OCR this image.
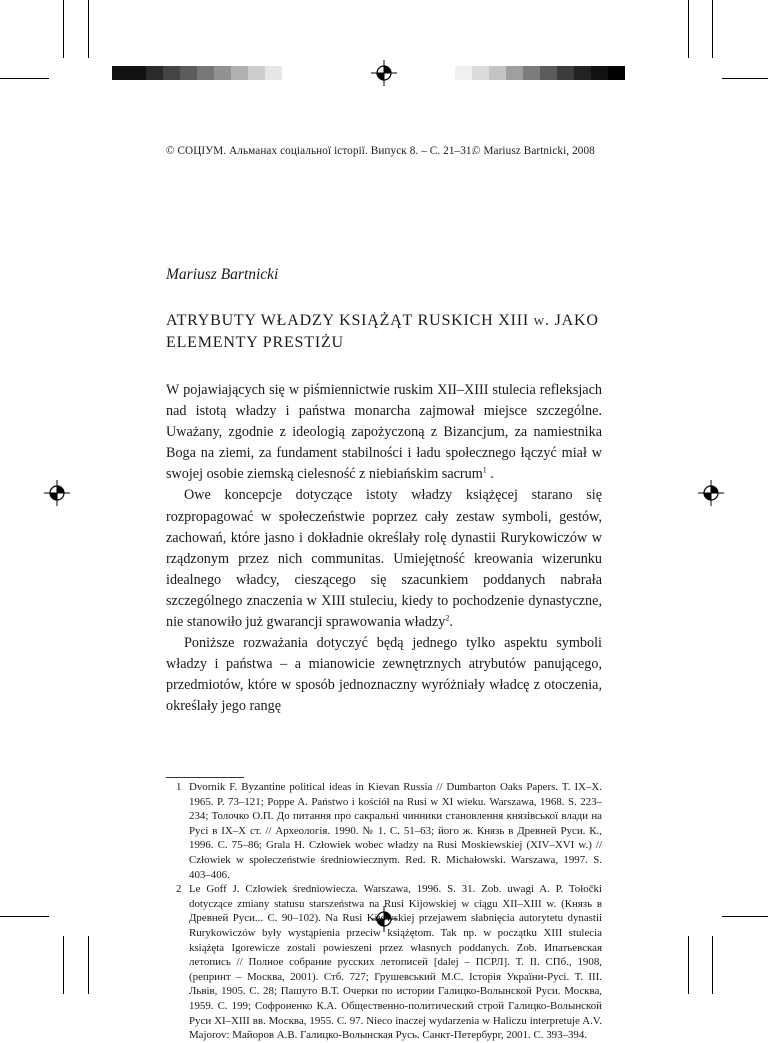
© СОЦІУМ. Альманах соціальної історії. Випуск 8. – С. 21–31.
© Mariusz Bartnicki, 2008
Mariusz Bartnicki
ATRYBUTY WŁADZY KSIĄŻĄT RUSKICH XIII w. JAKO ELEMENTY PRESTIŻU

W pojawiających się w piśmiennictwie ruskim XII–XIII stulecia refleksjach nad istotą władzy i państwa monarcha zajmował miejsce szczególne. Uważany, zgodnie z ideologią zapożyczoną z Bizancjum, za namiestnika Boga na ziemi, za fundament stabilności i ładu społecznego łączyć miał w swojej osobie ziemską cielesność z niebiańskim sacrum$^1$ .

Owe koncepcje dotyczące istoty władzy książęcej starano się rozpropagować w społeczeństwie poprzez cały zestaw symboli, gestów, zachowań, które jasno i dokładnie określały rolę dynastii Rurykowiczów w rządzonym przez nich communitas. Umiejętność kreowania wizerunku idealnego władcy, cieszącego się szacunkiem poddanych nabrała szczególnego znaczenia w XIII stuleciu, kiedy to pochodzenie dynastyczne, nie stanowiło już gwarancji sprawowania władzy$^2$.

Poniższe rozważania dotyczyć będą jednego tylko aspektu symboli władzy i państwa – a mianowicie zewnętrznych atrybutów panującego, przedmiotów, które w sposób jednoznaczny wyróżniały władcę z otoczenia, określały jego rangę

1 Dvornik F. Byzantine political ideas in Kievan Russia // Dumbarton Oaks Papers. T. IX–X. 1965. P. 73–121; Poppe A. Państwo i kościół na Rusi w XI wieku. Warszawa, 1968. S. 223–234; Толочко О.П. До питання про сакральні чинники становлення князівської влади на Русі в IX–X ст. // Археологія. 1990. № 1. С. 51–63; його ж. Князь в Древней Руси. К., 1996. С. 75–86; Grala H. Człowiek wobec władzy na Rusi Moskiewskiej (XIV–XVI w.) // Człowiek w społeczeństwie średniowiecznym. Red. R. Michałowski. Warszawa, 1997. S. 403–406.

2 Le Goff J. Człowiek średniowiecza. Warszawa, 1996. S. 31. Zob. uwagi A. P. Tołočki dotyczące zmiany statusu starszeństwa na Rusi Kijowskiej w ciągu XII–XIII w. (Князь в Древней Руси... С. 90–102). Na Rusi Kijowskiej przejawem słabnięcia autorytetu dynastii Rurykowiczów były wystąpienia przeciw książętom. Tak np. w początku XIII stulecia książęta Igorewicze zostali powieszeni przez własnych poddanych. Zob. Ипатьевская летопись // Полное собрание русских летописей [dalej – ПСРЛ]. Т. II. СПб., 1908, (репринт – Москва, 2001). Стб. 727; Грушевський М.С. Історія України-Русі. Т. III. Львів, 1905. С. 28; Пашуто В.Т. Очерки по истории Галицко-Волынской Руси. Москва, 1959. С. 199; Софроненко К.А. Общественно-политический строй Галицко-Волынской Руси XI–XIII вв. Москва, 1955. С. 97. Nieco inaczej wydarzenia w Haliczu interpretuje A.V. Majorov: Майоров А.В. Галицко-Волынская Русь. Санкт-Петербург, 2001. С. 393–394.
